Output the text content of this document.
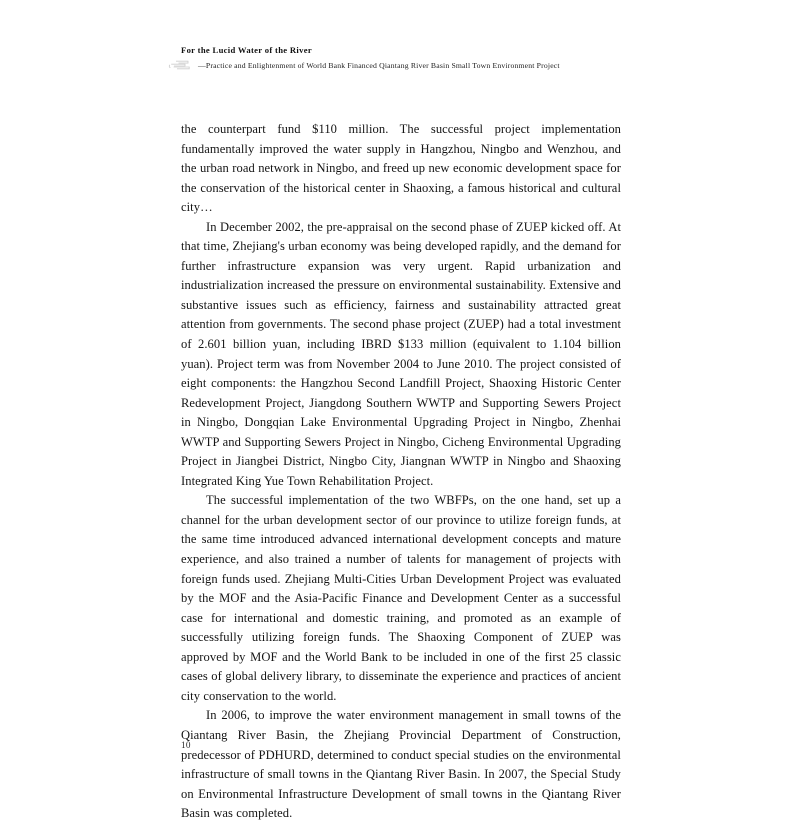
For the Lucid Water of the River
—Practice and Enlightenment of World Bank Financed Qiantang River Basin Small Town Environment Project

the counterpart fund $110 million. The successful project implementation fundamentally improved the water supply in Hangzhou, Ningbo and Wenzhou, and the urban road network in Ningbo, and freed up new economic development space for the conservation of the historical center in Shaoxing, a famous historical and cultural city…

In December 2002, the pre-appraisal on the second phase of ZUEP kicked off. At that time, Zhejiang's urban economy was being developed rapidly, and the demand for further infrastructure expansion was very urgent. Rapid urbanization and industrialization increased the pressure on environmental sustainability. Extensive and substantive issues such as efficiency, fairness and sustainability attracted great attention from governments. The second phase project (ZUEP) had a total investment of 2.601 billion yuan, including IBRD $133 million (equivalent to 1.104 billion yuan). Project term was from November 2004 to June 2010. The project consisted of eight components: the Hangzhou Second Landfill Project, Shaoxing Historic Center Redevelopment Project, Jiangdong Southern WWTP and Supporting Sewers Project in Ningbo, Dongqian Lake Environmental Upgrading Project in Ningbo, Zhenhai WWTP and Supporting Sewers Project in Ningbo, Cicheng Environmental Upgrading Project in Jiangbei District, Ningbo City, Jiangnan WWTP in Ningbo and Shaoxing Integrated King Yue Town Rehabilitation Project.

The successful implementation of the two WBFPs, on the one hand, set up a channel for the urban development sector of our province to utilize foreign funds, at the same time introduced advanced international development concepts and mature experience, and also trained a number of talents for management of projects with foreign funds used. Zhejiang Multi-Cities Urban Development Project was evaluated by the MOF and the Asia-Pacific Finance and Development Center as a successful case for international and domestic training, and promoted as an example of successfully utilizing foreign funds. The Shaoxing Component of ZUEP was approved by MOF and the World Bank to be included in one of the first 25 classic cases of global delivery library, to disseminate the experience and practices of ancient city conservation to the world.

In 2006, to improve the water environment management in small towns of the Qiantang River Basin, the Zhejiang Provincial Department of Construction, predecessor of PDHURD, determined to conduct special studies on the environmental infrastructure of small towns in the Qiantang River Basin. In 2007, the Special Study on Environmental Infrastructure Development of small towns in the Qiantang River Basin was completed.

10
